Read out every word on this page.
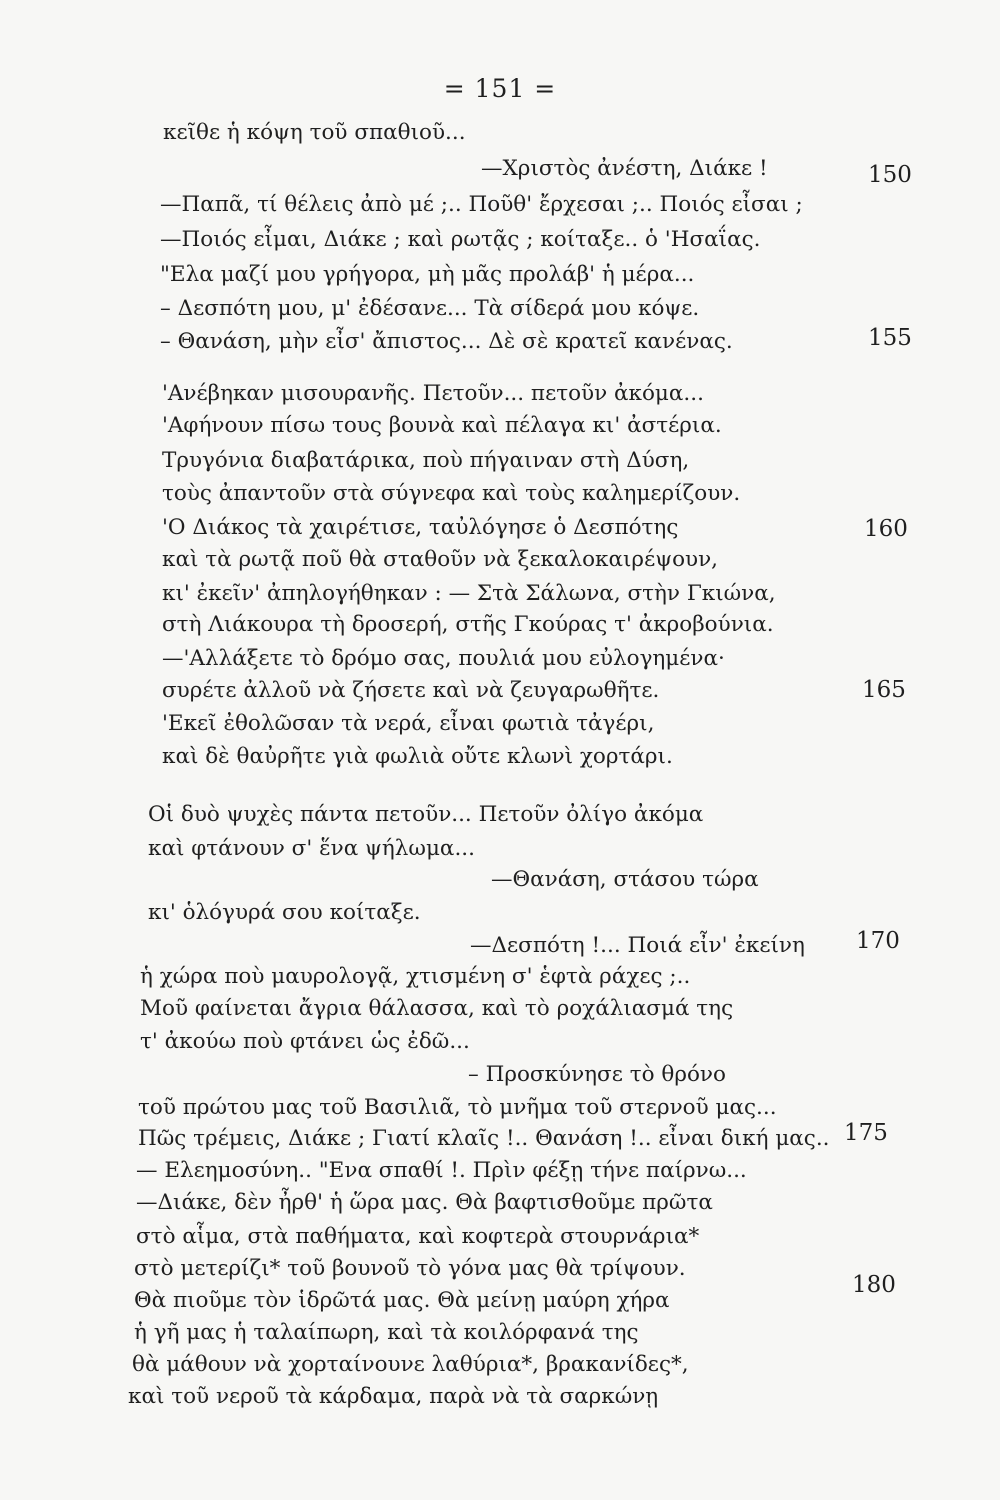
= 151 =
κεῖθε ἡ κόψη τοῦ σπαθιοῦ...
—Χριστὸς ἀνέστη, Διάκε !
—Παπᾶ, τί θέλεις ἀπὸ μέ ;.. Ποῦθ' ἔρχεσαι ;.. Ποιός εἶσαι ;
—Ποιός εἶμαι, Διάκε ; καὶ ρωτᾷς ; κοίταξε.. ὁ 'Ησαΐας.
"Ελα μαζί μου γρήγορα, μὴ μᾶς προλάβ' ἡ μέρα...
– Δεσπότη μου, μ' ἐδέσανε... Τὰ σίδερά μου κόψε.
– Θανάση, μὴν εἶσ' ἄπιστος... Δὲ σὲ κρατεῖ κανένας.
'Ανέβηκαν μισουρανῆς. Πετοῦν... πετοῦν ἀκόμα...
'Αφήνουν πίσω τους βουνὰ καὶ πέλαγα κι' ἀστέρια.
Τρυγόνια διαβατάρικα, ποὺ πήγαιναν στὴ Δύση,
τοὺς ἀπαντοῦν στὰ σύγνεφα καὶ τοὺς καλημερίζουν.
'Ο Διάκος τὰ χαιρέτισε, ταὐλόγησε ὁ Δεσπότης
καὶ τὰ ρωτᾷ ποῦ θὰ σταθοῦν νὰ ξεκαλοκαιρέψουν,
κι' ἐκεῖν' ἀπηλογήθηκαν : — Στὰ Σάλωνα, στὴν Γκιώνα,
στὴ Λιάκουρα τὴ δροσερή, στῆς Γκούρας τ' ἀκροβούνια.
—'Αλλάξετε τὸ δρόμο σας, πουλιά μου εὐλογημένα·
συρέτε ἀλλοῦ νὰ ζήσετε καὶ νὰ ζευγαρωθῆτε.
'Εκεῖ ἐθολῶσαν τὰ νερά, εἶναι φωτιὰ τἀγέρι,
καὶ δὲ θαὐρῆτε γιὰ φωλιὰ οὔτε κλωνὶ χορτάρι.
Οἱ δυὸ ψυχὲς πάντα πετοῦν... Πετοῦν ὀλίγο ἀκόμα
καὶ φτάνουν σ' ἕνα ψήλωμα...
—Θανάση, στάσου τώρα
κι' ὁλόγυρά σου κοίταξε.
—Δεσπότη !... Ποιά εἶν' ἐκείνη
ἡ χώρα ποὺ μαυρολογᾷ, χτισμένη σ' ἑφτὰ ράχες ;..
Μοῦ φαίνεται ἄγρια θάλασσα, καὶ τὸ ροχάλιασμά της
τ' ἀκούω ποὺ φτάνει ὡς ἐδῶ...
– Προσκύνησε τὸ θρόνο
τοῦ πρώτου μας τοῦ Βασιλιᾶ, τὸ μνῆμα τοῦ στερνοῦ μας...
Πῶς τρέμεις, Διάκε ; Γιατί κλαῖς !.. Θανάση !.. εἶναι δική μας..
— Ελεημοσύνη.. "Ενα σπαθί !. Πρὶν φέξῃ τήνε παίρνω...
—Διάκε, δὲν ἦρθ' ἡ ὥρα μας. Θὰ βαφτισθοῦμε πρῶτα
στὸ αἷμα, στὰ παθήματα, καὶ κοφτερὰ στουρνάρια*
στὸ μετερίζι* τοῦ βουνοῦ τὸ γόνα μας θὰ τρίψουν.
Θὰ πιοῦμε τὸν ἱδρῶτά μας. Θὰ μείνῃ μαύρη χήρα
ἡ γῆ μας ἡ ταλαίπωρη, καὶ τὰ κοιλόρφανά της
θὰ μάθουν νὰ χορταίνουνε λαθύρια*, βρακανίδες*,
καὶ τοῦ νεροῦ τὰ κάρδαμα, παρὰ νὰ τὰ σαρκώνῃ
150
155
160
165
170
175
180
